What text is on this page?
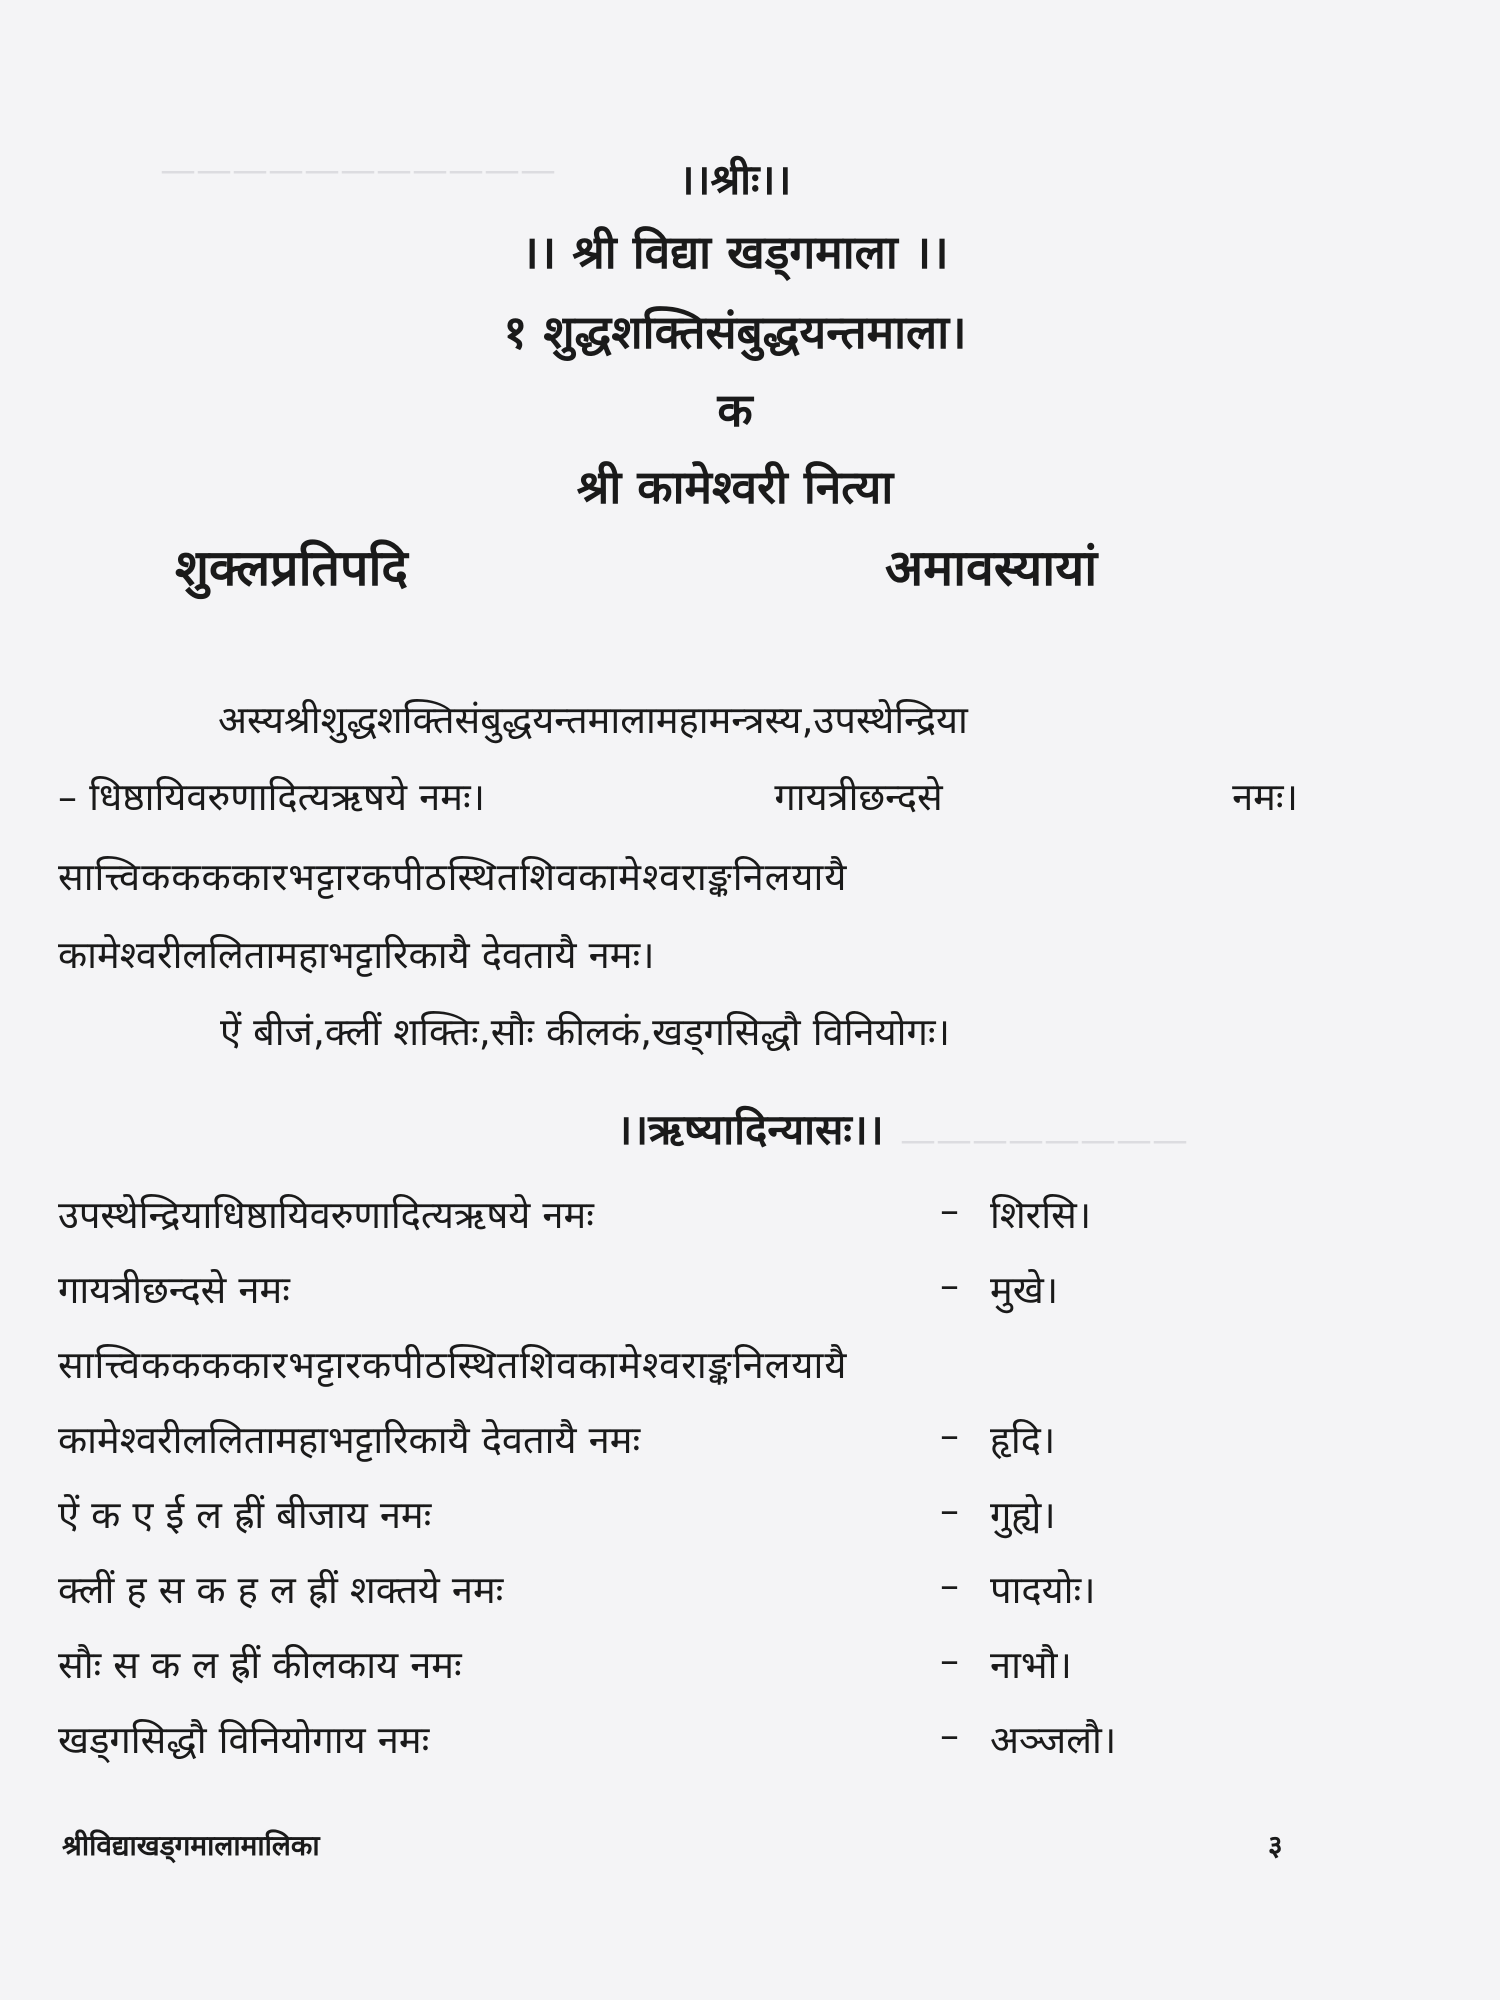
———————————
————————
।।श्रीः।।
।। श्री विद्या खड्गमाला ।।
१ शुद्धशक्तिसंबुद्धयन्तमाला।
क
श्री कामेश्वरी नित्या
शुक्लप्रतिपदि	अमावस्यायां
अस्यश्रीशुद्धशक्तिसंबुद्धयन्तमालामहामन्त्रस्य,उपस्थेन्द्रिया
– धिष्ठायिवरुणादित्यऋषये नमः।	गायत्रीछन्दसे	नमः।
सात्त्विककककारभट्टारकपीठस्थितशिवकामेश्वराङ्कनिलयायै
कामेश्वरीललितामहाभट्टारिकायै देवतायै नमः।
ऐं बीजं,क्लीं शक्तिः,सौः कीलकं,खड्गसिद्धौ विनियोगः।
।।ऋष्यादिन्यासः।।
उपस्थेन्द्रियाधिष्ठायिवरुणादित्यऋषये नमः	– शिरसि।
गायत्रीछन्दसे नमः	– मुखे।
सात्त्विककककारभट्टारकपीठस्थितशिवकामेश्वराङ्कनिलयायै
कामेश्वरीललितामहाभट्टारिकायै देवतायै नमः	– हृदि।
ऐं क ए ई ल ह्रीं बीजाय नमः	– गुह्ये।
क्लीं ह स क ह ल ह्रीं शक्तये नमः	– पादयोः।
सौः स क ल ह्रीं कीलकाय नमः	– नाभौ।
खड्गसिद्धौ विनियोगाय नमः	– अञ्जलौ।
श्रीविद्याखड्गमालामालिका	३
